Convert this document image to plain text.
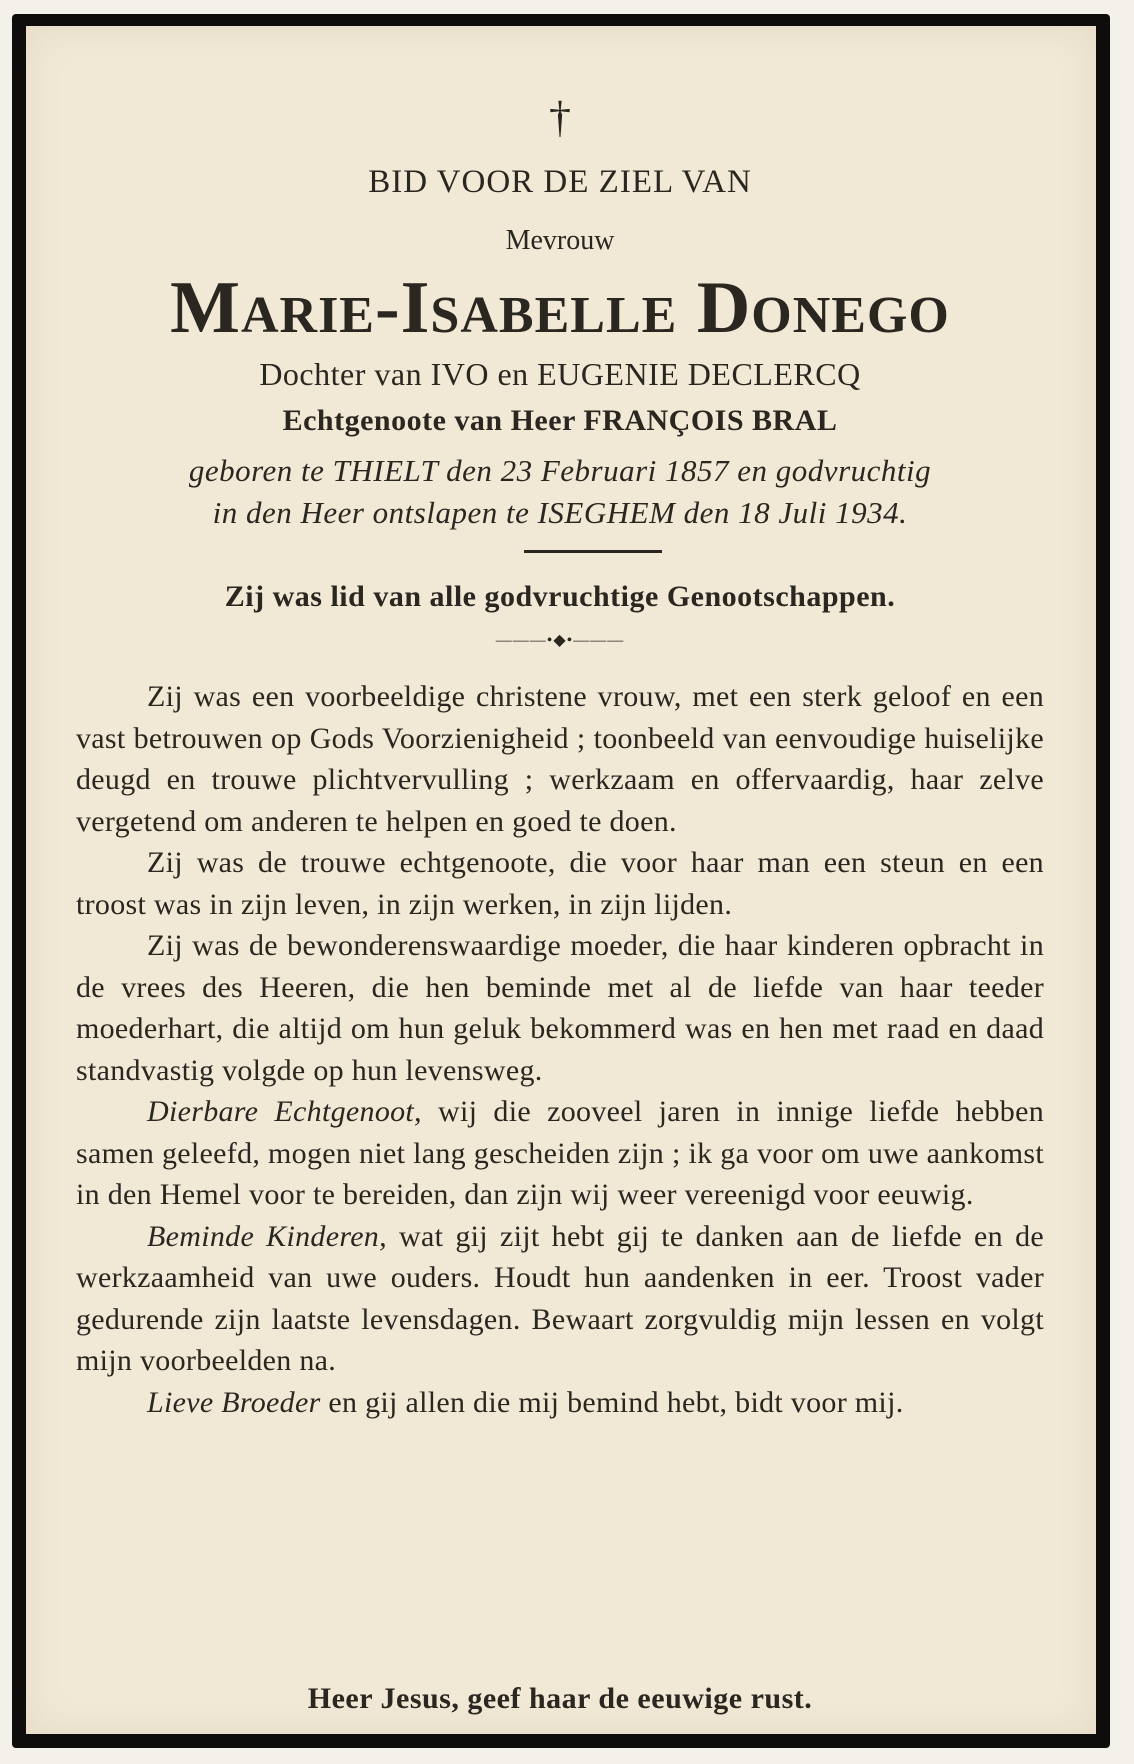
†
BID VOOR DE ZIEL VAN
Mevrouw
Marie-Isabelle Donego
Dochter van IVO en EUGENIE DECLERCQ
Echtgenoote van Heer FRANÇOIS BRAL
geboren te THIELT den 23 Februari 1857 en godvruchtig
in den Heer ontslapen te ISEGHEM den 18 Juli 1934.
Zij was lid van alle godvruchtige Genootschappen.
———•◆•———

Zij was een voorbeeldige christene vrouw, met een sterk geloof en een vast betrouwen op Gods Voorzienigheid ; toonbeeld van eenvoudige huiselijke deugd en trouwe plichtvervulling ; werkzaam en offervaardig, haar zelve vergetend om anderen te helpen en goed te doen.

Zij was de trouwe echtgenoote, die voor haar man een steun en een troost was in zijn leven, in zijn werken, in zijn lijden.

Zij was de bewonderenswaardige moeder, die haar kinderen opbracht in de vrees des Heeren, die hen beminde met al de liefde van haar teeder moederhart, die altijd om hun geluk bekommerd was en hen met raad en daad standvastig volgde op hun levensweg.

Dierbare Echtgenoot, wij die zooveel jaren in innige liefde hebben samen geleefd, mogen niet lang gescheiden zijn ; ik ga voor om uwe aankomst in den Hemel voor te bereiden, dan zijn wij weer vereenigd voor eeuwig.

Beminde Kinderen, wat gij zijt hebt gij te danken aan de liefde en de werkzaamheid van uwe ouders. Houdt hun aandenken in eer. Troost vader gedurende zijn laatste levensdagen. Bewaart zorgvuldig mijn lessen en volgt mijn voorbeelden na.

Lieve Broeder en gij allen die mij bemind hebt, bidt voor mij.

Heer Jesus, geef haar de eeuwige rust.
